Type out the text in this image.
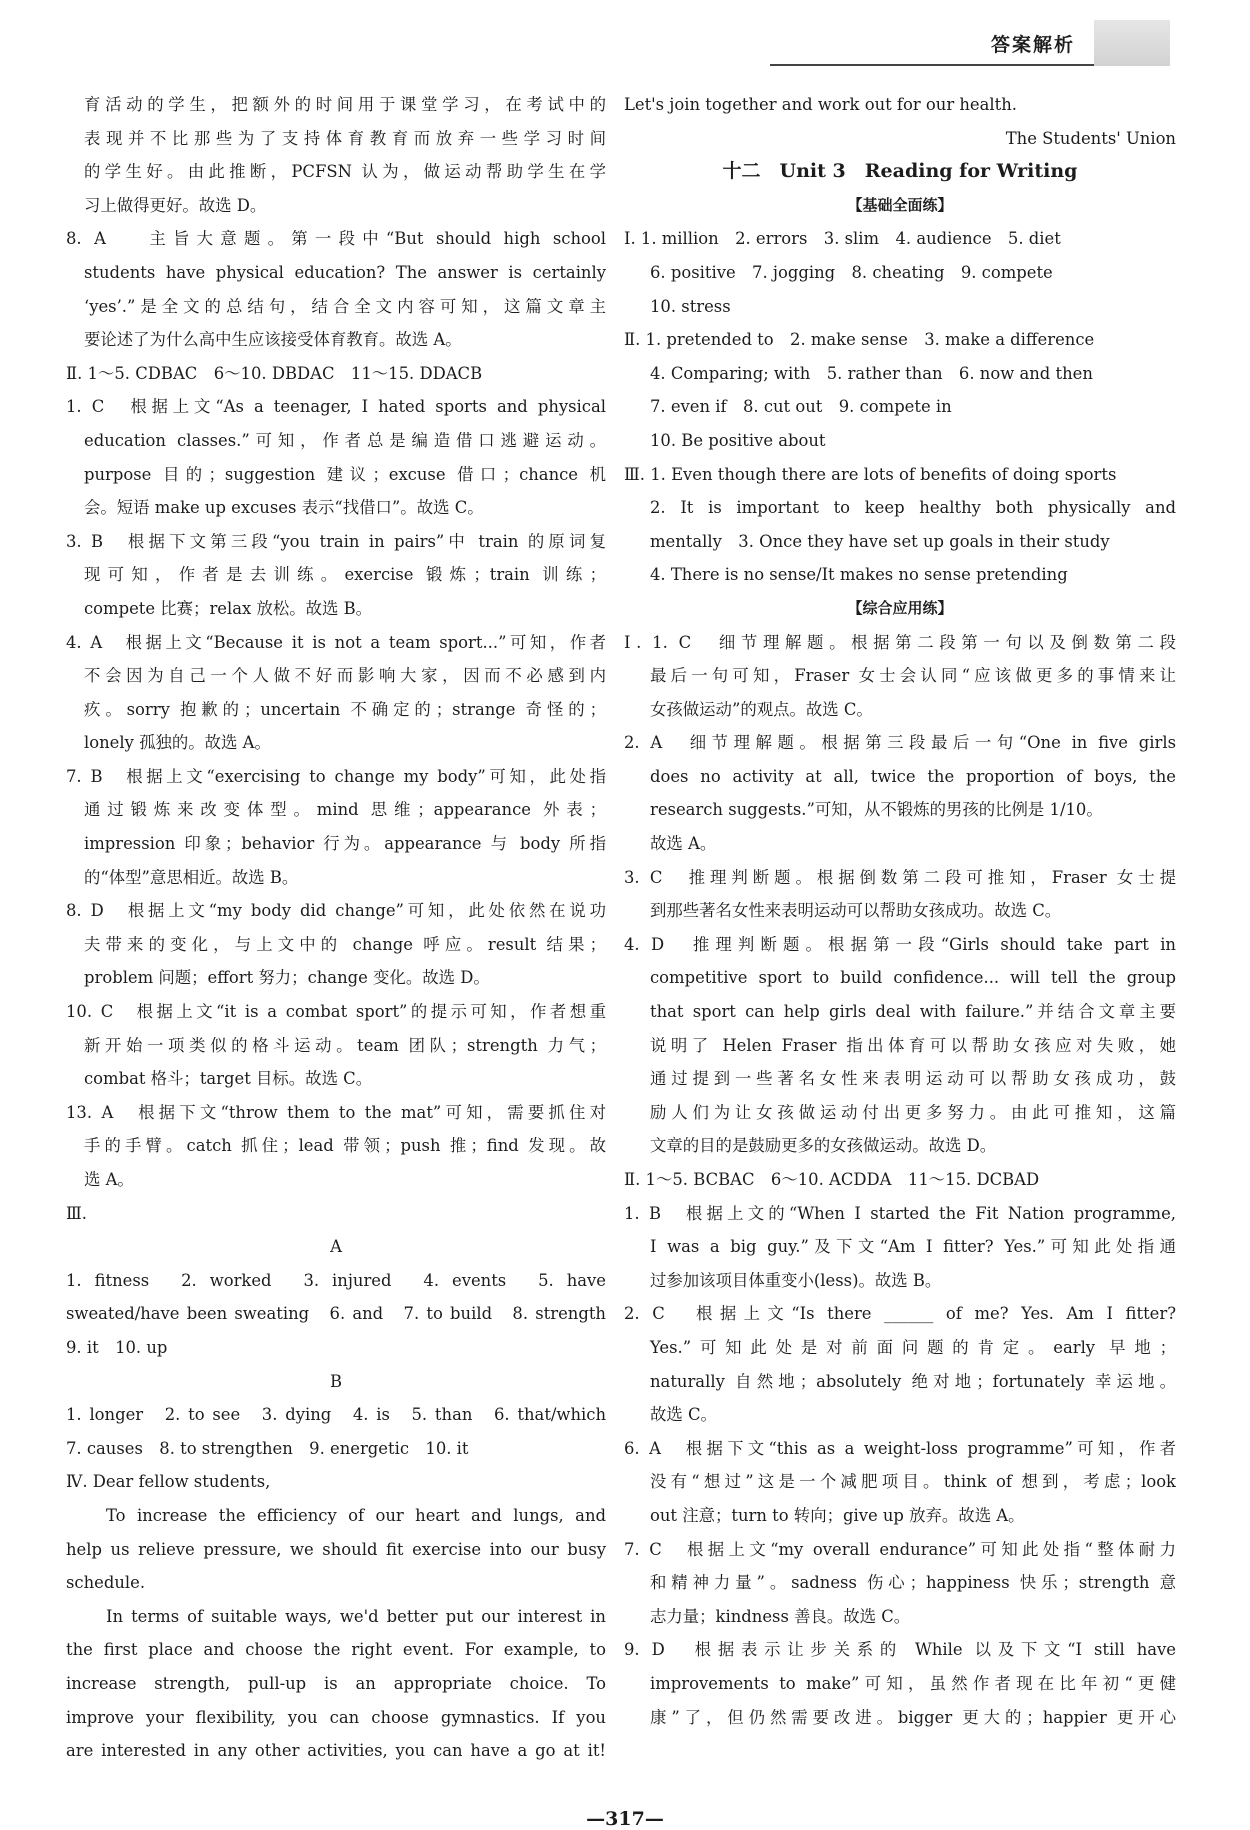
答案解析
育活动的学生，把额外的时间用于课堂学习，在考试中的
表现并不比那些为了支持体育教育而放弃一些学习时间
的学生好。由此推断，PCFSN 认为，做运动帮助学生在学
习上做得更好。故选 D。
8. A　 主旨大意题。第一段中“But should high school
students have physical education? The answer is certainly
‘yes’.”是全文的总结句，结合全文内容可知，这篇文章主
要论述了为什么高中生应该接受体育教育。故选 A。
Ⅱ. 1～5. CDBAC　6～10. DBDAC　11～15. DDACB
1. C　根据上文“As a teenager, I hated sports and physical
education classes.”可知，作者总是编造借口逃避运动。
purpose 目的；suggestion 建议；excuse 借口；chance 机
会。短语 make up excuses 表示“找借口”。故选 C。
3. B　根据下文第三段“you train in pairs”中 train 的原词复
现可知，作者是去训练。exercise 锻炼；train 训练；
compete 比赛；relax 放松。故选 B。
4. A　根据上文“Because it is not a team sport...”可知，作者
不会因为自己一个人做不好而影响大家，因而不必感到内
疚。sorry 抱歉的；uncertain 不确定的；strange 奇怪的；
lonely 孤独的。故选 A。
7. B　根据上文“exercising to change my body”可知，此处指
通过锻炼来改变体型。mind 思维；appearance 外表；
impression 印象；behavior 行为。appearance 与 body 所指
的“体型”意思相近。故选 B。
8. D　根据上文“my body did change”可知，此处依然在说功
夫带来的变化，与上文中的 change 呼应。result 结果；
problem 问题；effort 努力；change 变化。故选 D。
10. C　根据上文“it is a combat sport”的提示可知，作者想重
新开始一项类似的格斗运动。team 团队；strength 力气；
combat 格斗；target 目标。故选 C。
13. A　根据下文“throw them to the mat”可知，需要抓住对
手的手臂。catch 抓住；lead 带领；push 推；find 发现。故
选 A。
Ⅲ.
A
1. fitness　2. worked　3. injured　4. events　5. have
sweated/have been sweating　6. and　7. to build　8. strength
9. it　10. up
B
1. longer　2. to see　3. dying　4. is　5. than　6. that/which
7. causes　8. to strengthen　9. energetic　10. it
Ⅳ. Dear fellow students,
To increase the efficiency of our heart and lungs, and
help us relieve pressure, we should fit exercise into our busy
schedule.
In terms of suitable ways, we'd better put our interest in
the first place and choose the right event. For example, to
increase strength, pull-up is an appropriate choice. To
improve your flexibility, you can choose gymnastics. If you
are interested in any other activities, you can have a go at it!
Let's join together and work out for our health.
The Students' Union
十二　Unit 3　Reading for Writing
【基础全面练】
Ⅰ. 1. million　2. errors　3. slim　4. audience　5. diet
6. positive　7. jogging　8. cheating　9. compete
10. stress
Ⅱ. 1. pretended to　2. make sense　3. make a difference
4. Comparing; with　5. rather than　6. now and then
7. even if　8. cut out　9. compete in
10. Be positive about
Ⅲ. 1. Even though there are lots of benefits of doing sports
2. It is important to keep healthy both physically and
mentally　3. Once they have set up goals in their study
4. There is no sense/It makes no sense pretending
【综合应用练】
Ⅰ. 1. C　细节理解题。根据第二段第一句以及倒数第二段
最后一句可知，Fraser 女士会认同“应该做更多的事情来让
女孩做运动”的观点。故选 C。
2. A　细节理解题。根据第三段最后一句“One in five girls
does no activity at all, twice the proportion of boys, the
research suggests.”可知，从不锻炼的男孩的比例是 1/10。
故选 A。
3. C　推理判断题。根据倒数第二段可推知，Fraser 女士提
到那些著名女性来表明运动可以帮助女孩成功。故选 C。
4. D　推理判断题。根据第一段“Girls should take part in
competitive sport to build confidence... will tell the group
that sport can help girls deal with failure.”并结合文章主要
说明了 Helen Fraser 指出体育可以帮助女孩应对失败，她
通过提到一些著名女性来表明运动可以帮助女孩成功，鼓
励人们为让女孩做运动付出更多努力。由此可推知，这篇
文章的目的是鼓励更多的女孩做运动。故选 D。
Ⅱ. 1～5. BCBAC　6～10. ACDDA　11～15. DCBAD
1. B　根据上文的“When I started the Fit Nation programme,
I was a big guy.”及下文“Am I fitter? Yes.”可知此处指通
过参加该项目体重变小(less)。故选 B。
2. C　根据上文“Is there ______ of me? Yes. Am I fitter?
Yes.”可知此处是对前面问题的肯定。early 早地；
naturally 自然地；absolutely 绝对地；fortunately 幸运地。
故选 C。
6. A　根据下文“this as a weight-loss programme”可知，作者
没有“想过”这是一个减肥项目。think of 想到，考虑；look
out 注意；turn to 转向；give up 放弃。故选 A。
7. C　根据上文“my overall endurance”可知此处指“整体耐力
和精神力量”。sadness 伤心；happiness 快乐；strength 意
志力量；kindness 善良。故选 C。
9. D　根据表示让步关系的 While 以及下文“I still have
improvements to make”可知，虽然作者现在比年初“更健
康”了，但仍然需要改进。bigger 更大的；happier 更开心
—317—
